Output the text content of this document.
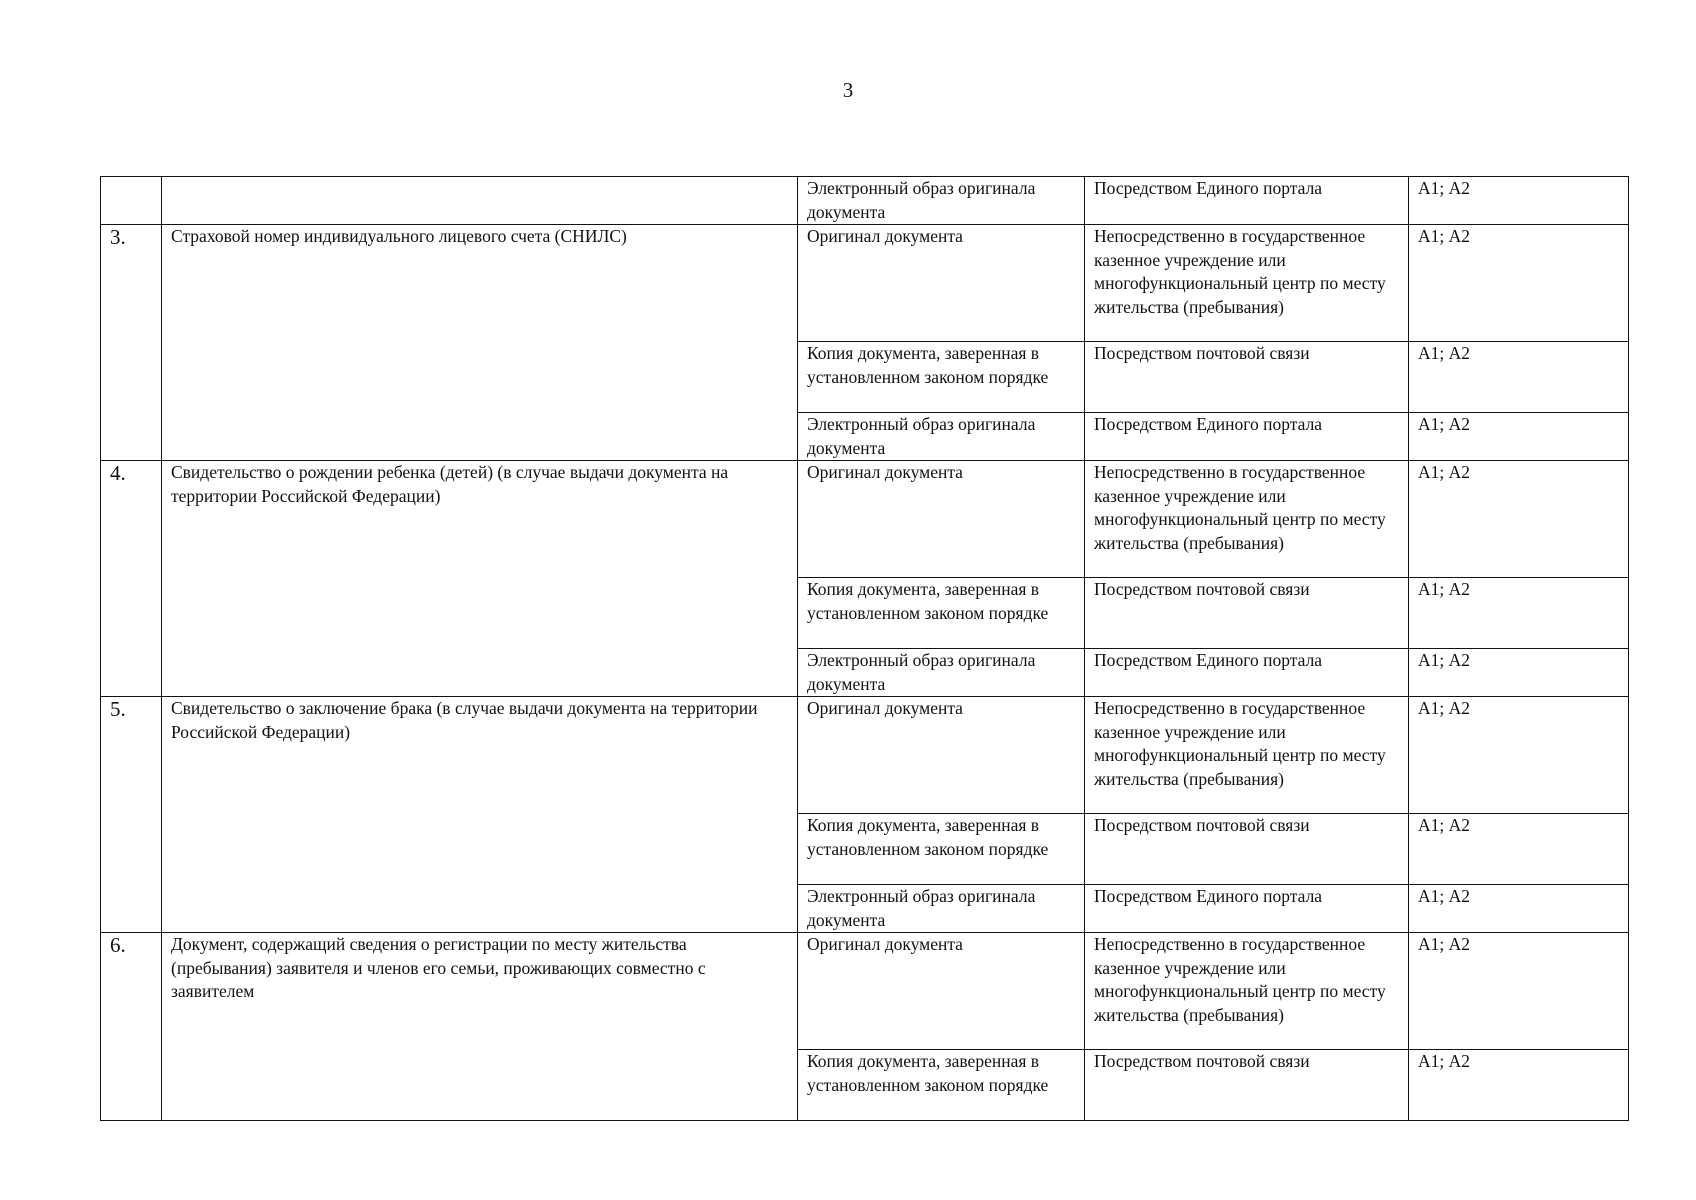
3
		Электронный образ оригинала документа	Посредством Единого портала	А1; А2
3.	Страховой номер индивидуального лицевого счета (СНИЛС)	Оригинал документа	Непосредственно в государственное казенное учреждение или многофункциональный центр по месту жительства (пребывания)	А1; А2
		Копия документа, заверенная в установленном законом порядке	Посредством почтовой связи	А1; А2
		Электронный образ оригинала документа	Посредством Единого портала	А1; А2
4.	Свидетельство о рождении ребенка (детей) (в случае выдачи документа на территории Российской Федерации)	Оригинал документа	Непосредственно в государственное казенное учреждение или многофункциональный центр по месту жительства (пребывания)	А1; А2
		Копия документа, заверенная в установленном законом порядке	Посредством почтовой связи	А1; А2
		Электронный образ оригинала документа	Посредством Единого портала	А1; А2
5.	Свидетельство о заключение брака (в случае выдачи документа на территории Российской Федерации)	Оригинал документа	Непосредственно в государственное казенное учреждение или многофункциональный центр по месту жительства (пребывания)	А1; А2
		Копия документа, заверенная в установленном законом порядке	Посредством почтовой связи	А1; А2
		Электронный образ оригинала документа	Посредством Единого портала	А1; А2
6.	Документ, содержащий сведения о регистрации по месту жительства (пребывания) заявителя и членов его семьи, проживающих совместно с заявителем	Оригинал документа	Непосредственно в государственное казенное учреждение или многофункциональный центр по месту жительства (пребывания)	А1; А2
		Копия документа, заверенная в установленном законом порядке	Посредством почтовой связи	А1; А2
